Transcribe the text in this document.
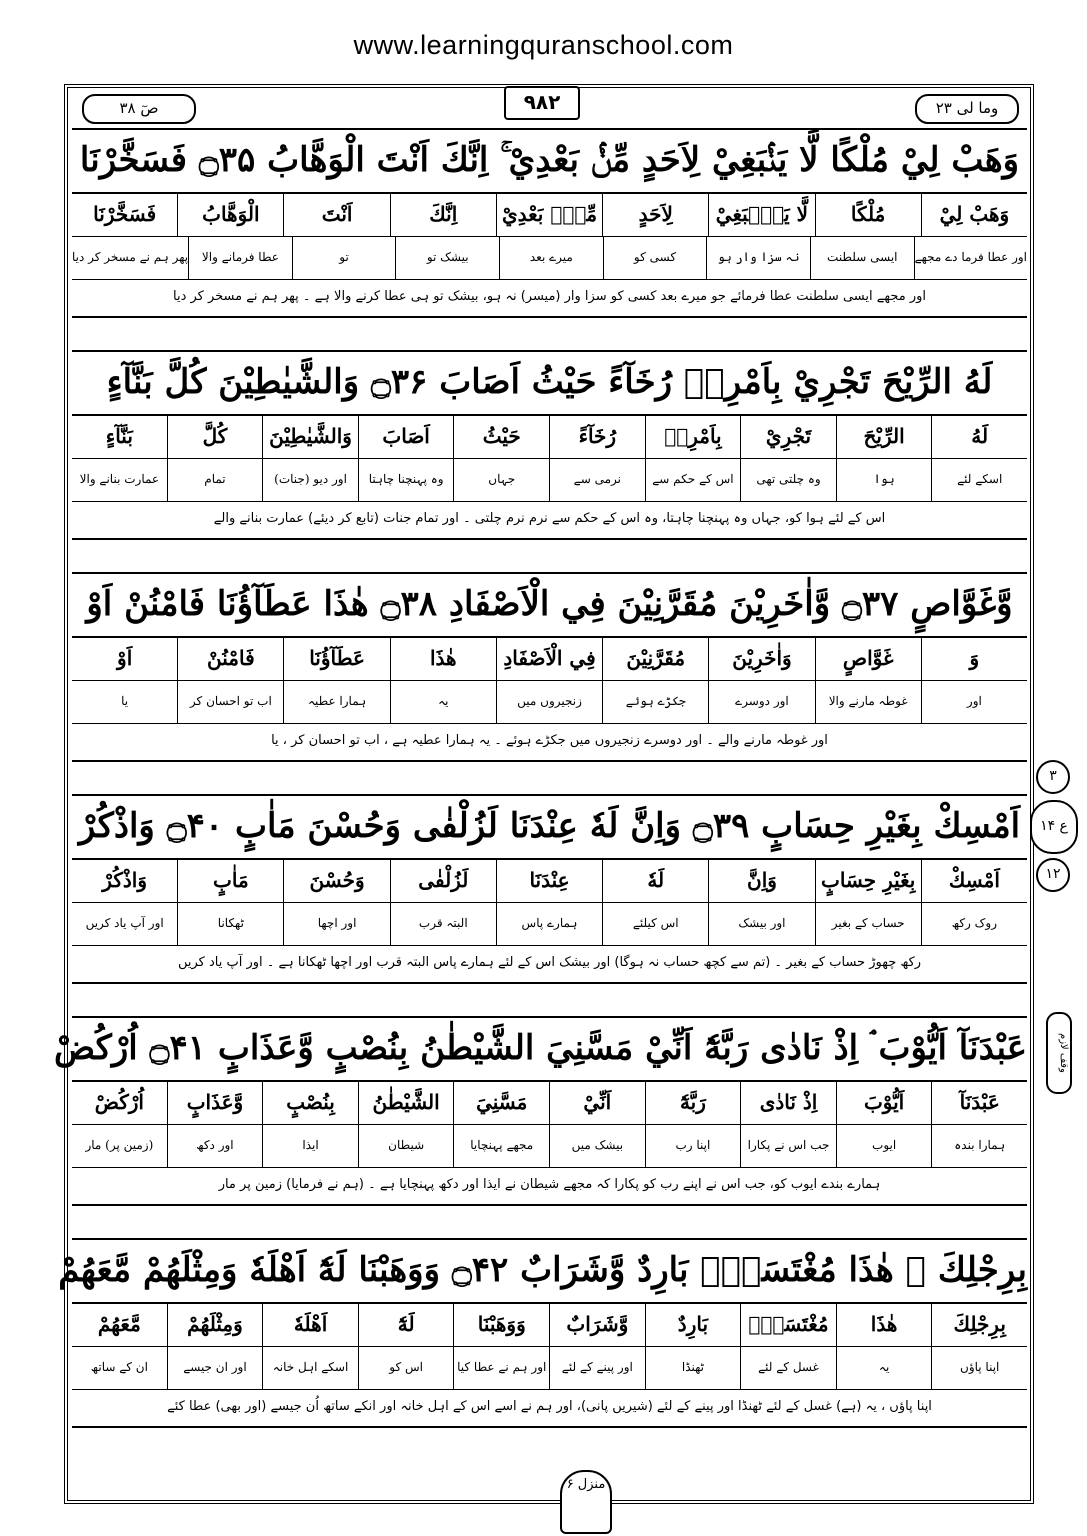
www.learningquranschool.com
وما لی ۲۳
صٓ ۳۸	۹۸۲
وَهَبْ لِيْ مُلْكًا لَّا يَنْۢبَغِيْ لِاَحَدٍ مِّنْۢ بَعْدِيْ ۚ اِنَّكَ اَنْتَ الْوَهَّابُ ۝۳۵ فَسَخَّرْنَا
وَهَبْ لِيْ
مُلْكًا
لَّا يَنْۢبَغِيْ
لِاَحَدٍ
مِّنْۢ بَعْدِيْ
اِنَّكَ
اَنْتَ
الْوَهَّابُ
فَسَخَّرْنَا
اور عطا فرما دے مجھے
ایسی سلطنت
نہ سزا وار ہو
کسی کو
میرے بعد
بیشک تو
تو
عطا فرمانے والا
پھر ہم نے مسخر کر دیا
اور مجھے ایسی سلطنت عطا فرمائے جو میرے بعد کسی کو سزا وار (میسر) نہ ہو، بیشک تو ہی عطا کرنے والا ہے ۔ پھر ہم نے مسخر کر دیا
لَهُ الرِّيْحَ تَجْرِيْ بِاَمْرِهٖ رُخَآءً حَيْثُ اَصَابَ ۝۳۶ وَالشَّيٰطِيْنَ كُلَّ بَنَّآءٍ
لَهُ
الرِّيْحَ
تَجْرِيْ
بِاَمْرِهٖ
رُخَآءً
حَيْثُ
اَصَابَ
وَالشَّيٰطِيْنَ
كُلَّ
بَنَّآءٍ
اسکے لئے
ہوا
وہ چلتی تھی
اس کے حکم سے
نرمی سے
جہاں
وہ پہنچنا چاہتا
اور دیو (جنات)
تمام
عمارت بنانے والا
اس کے لئے ہوا کو، جہاں وہ پہنچنا چاہتا، وہ اس کے حکم سے نرم نرم چلتی ۔ اور تمام جنات (تابع کر دیئے) عمارت بنانے والے
وَّغَوَّاصٍ ۝۳۷ وَّاٰخَرِيْنَ مُقَرَّنِيْنَ فِي الْاَصْفَادِ ۝۳۸ هٰذَا عَطَآؤُنَا فَامْنُنْ اَوْ
وَ
غَوَّاصٍ
وَاٰخَرِيْنَ
مُقَرَّنِيْنَ
فِي الْاَصْفَادِ
هٰذَا
عَطَآؤُنَا
فَامْنُنْ
اَوْ
اور
غوطہ مارنے والا
اور دوسرے
جکڑے ہوئے
زنجیروں میں
یہ
ہمارا عطیہ
اب تو احسان کر
یا
اور غوطہ مارنے والے ۔ اور دوسرے زنجیروں میں جکڑے ہوئے ۔ یہ ہمارا عطیہ ہے ، اب تو احسان کر ، یا
اَمْسِكْ بِغَيْرِ حِسَابٍ ۝۳۹ وَاِنَّ لَهٗ عِنْدَنَا لَزُلْفٰى وَحُسْنَ مَاٰبٍ ۝۴۰ وَاذْكُرْ
اَمْسِكْ
بِغَيْرِ حِسَابٍ
وَاِنَّ
لَهٗ
عِنْدَنَا
لَزُلْفٰى
وَحُسْنَ
مَاٰبٍ
وَاذْكُرْ
روک رکھ
حساب کے بغیر
اور بیشک
اس کیلئے
ہمارے پاس
البتہ قرب
اور اچھا
ٹھکانا
اور آپ یاد کریں
رکھ چھوڑ حساب کے بغیر ۔ (تم سے کچھ حساب نہ ہوگا) اور بیشک اس کے لئے ہمارے پاس البتہ قرب اور اچھا ٹھکانا ہے ۔ اور آپ یاد کریں
عَبْدَنَآ اَيُّوْبَ ۘ اِذْ نَادٰى رَبَّهٗٓ اَنِّيْ مَسَّنِيَ الشَّيْطٰنُ بِنُصْبٍ وَّعَذَابٍ ۝۴۱ اُرْكُضْ
عَبْدَنَآ
اَيُّوْبَ
اِذْ نَادٰى
رَبَّهٗٓ
اَنِّيْ
مَسَّنِيَ
الشَّيْطٰنُ
بِنُصْبٍ
وَّعَذَابٍ
اُرْكُضْ
ہمارا بندہ
ایوب
جب اس نے پکارا
اپنا رب
بیشک میں
مجھے پہنچایا
شیطان
ایذا
اور دکھ
(زمین پر) مار
ہمارے بندے ایوب کو، جب اس نے اپنے رب کو پکارا کہ مجھے شیطان نے ایذا اور دکھ پہنچایا ہے ۔ (ہم نے فرمایا) زمین پر مار
بِرِجْلِكَ ۚ هٰذَا مُغْتَسَلٌۢ بَارِدٌ وَّشَرَابٌ ۝۴۲ وَوَهَبْنَا لَهٗٓ اَهْلَهٗ وَمِثْلَهُمْ مَّعَهُمْ
بِرِجْلِكَ
هٰذَا
مُغْتَسَلٌۢ
بَارِدٌ
وَّشَرَابٌ
وَوَهَبْنَا
لَهٗٓ
اَهْلَهٗ
وَمِثْلَهُمْ
مَّعَهُمْ
اپنا پاؤں
یہ
غسل کے لئے
ٹھنڈا
اور پینے کے لئے
اور ہم نے عطا کیا
اس کو
اسکے اہل خانہ
اور ان جیسے
ان کے ساتھ
اپنا پاؤں ، یہ (ہے) غسل کے لئے ٹھنڈا اور پینے کے لئے (شیریں پانی)، اور ہم نے اسے اس کے اہل خانہ اور انکے ساتھ اُن جیسے (اور بھی) عطا کئے
۳
ع ۱۴
۱۲
وقف لازم
منزل ۶
